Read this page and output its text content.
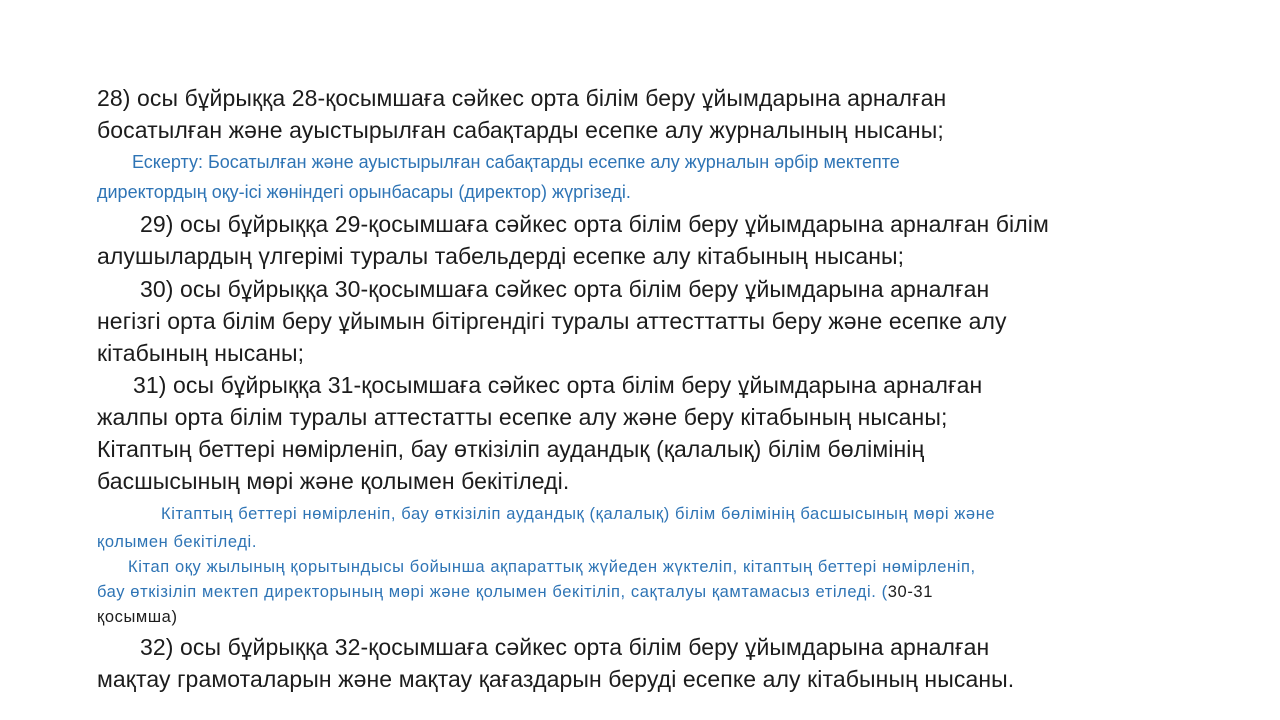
28) осы бұйрыққа 28-қосымшаға сәйкес орта білім беру ұйымдарына арналған

босатылған және ауыстырылған сабақтарды есепке алу журналының нысаны;

Ескерту: Босатылған және ауыстырылған сабақтарды есепке алу журналын әрбір мектепте

директордың оқу-ісі жөніндегі орынбасары (директор) жүргізеді.

29) осы бұйрыққа 29-қосымшаға сәйкес орта білім беру ұйымдарына арналған білім

алушылардың үлгерімі туралы табельдерді есепке алу кітабының нысаны;

30) осы бұйрыққа 30-қосымшаға сәйкес орта білім беру ұйымдарына арналған

негізгі орта білім беру ұйымын бітіргендігі туралы аттесттатты беру және есепке алу

кітабының нысаны;

31) осы бұйрыққа 31-қосымшаға сәйкес орта білім беру ұйымдарына арналған

жалпы орта білім туралы аттестатты есепке алу және беру кітабының нысаны;

Кітаптың беттері нөмірленіп, бау өткізіліп аудандық (қалалық) білім бөлімінің

басшысының мөрі және қолымен бекітіледі.

Кітаптың беттері нөмірленіп, бау өткізіліп аудандық (қалалық) білім бөлімінің басшысының мөрі және

қолымен бекітіледі.

Кітап оқу жылының қорытындысы бойынша ақпараттық жүйеден жүктеліп, кітаптың беттері нөмірленіп,

бау өткізіліп мектеп директорының мөрі және қолымен бекітіліп, сақталуы қамтамасыз етіледі. (30-31

қосымша)

32) осы бұйрыққа 32-қосымшаға сәйкес орта білім беру ұйымдарына арналған

мақтау грамоталарын және мақтау қағаздарын беруді есепке алу кітабының нысаны.
